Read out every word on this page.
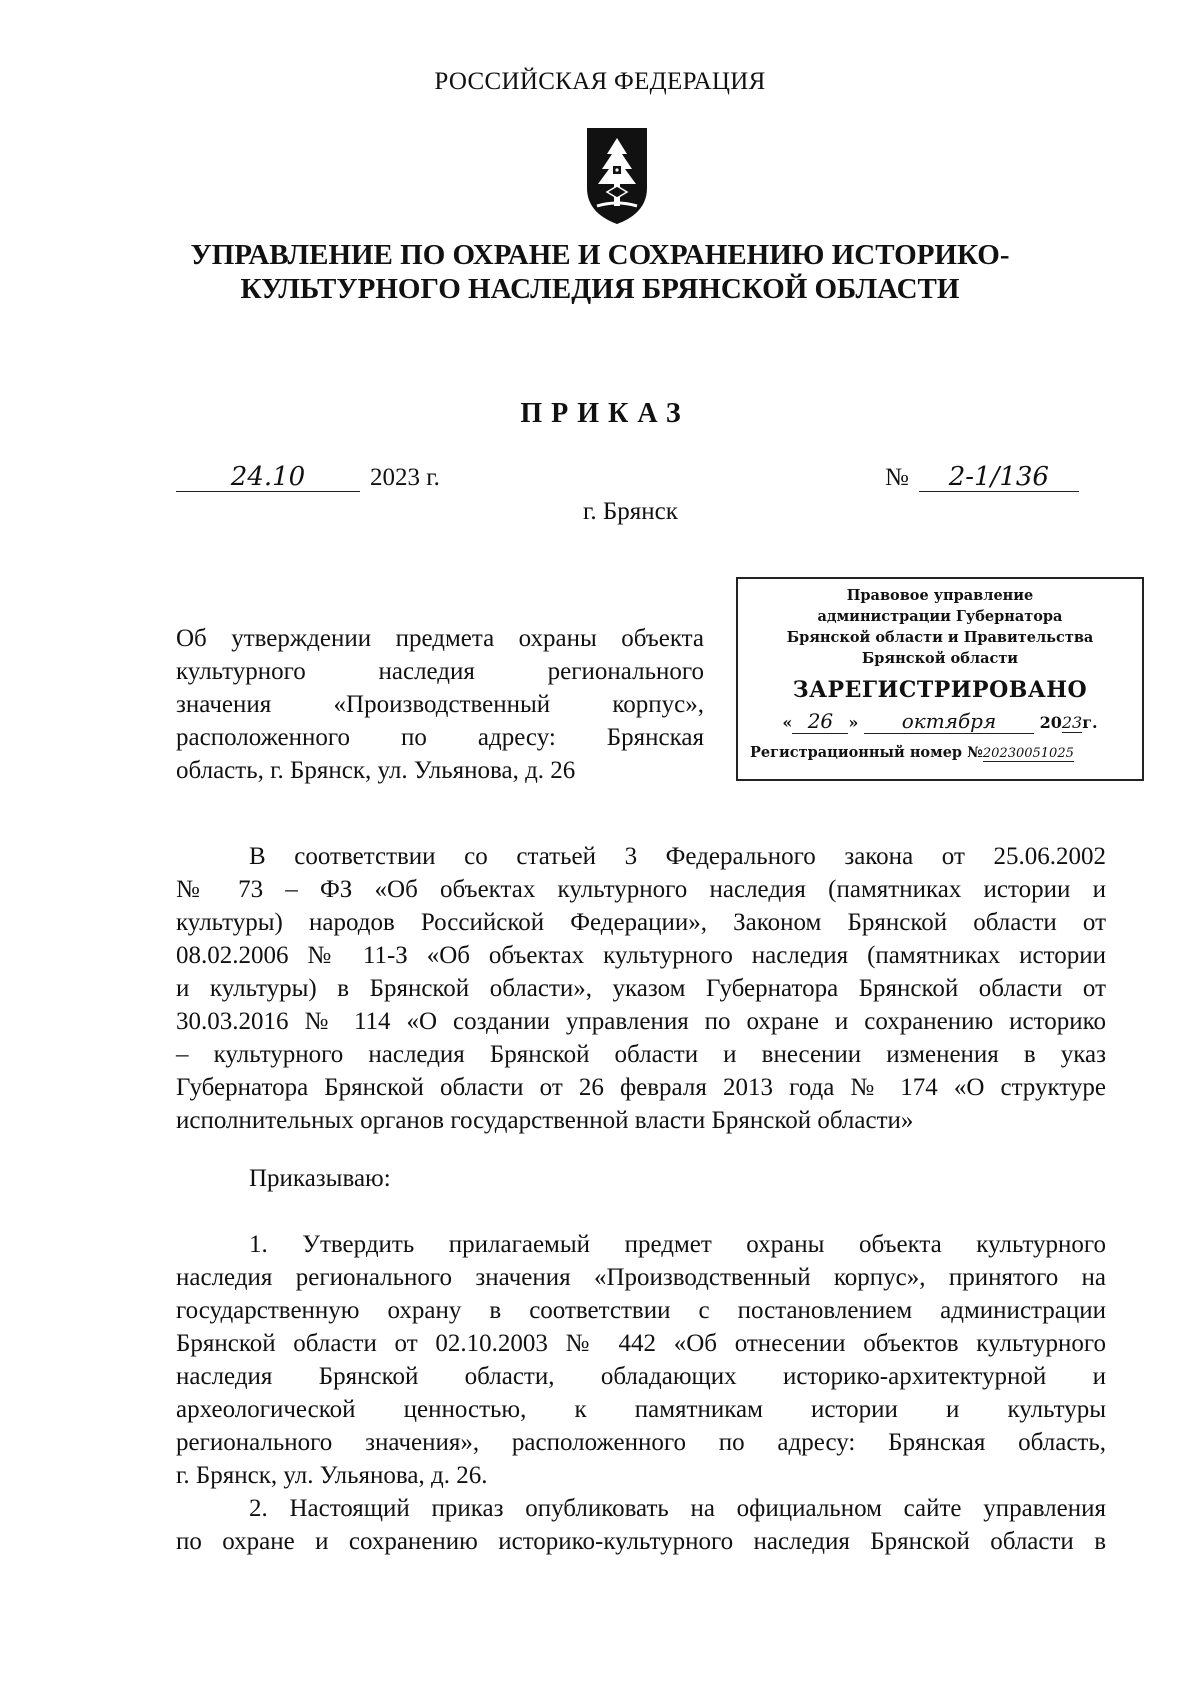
РОССИЙСКАЯ ФЕДЕРАЦИЯ
УПРАВЛЕНИЕ ПО ОХРАНЕ И СОХРАНЕНИЮ ИСТОРИКО-
КУЛЬТУРНОГО НАСЛЕДИЯ БРЯНСКОЙ ОБЛАСТИ
ПРИКАЗ
24.10	2023 г.	№ 2-1/136
г. Брянск
Об утверждении предмета охраны объекта
культурного наследия регионального
значения «Производственный корпус»,
расположенного по адресу: Брянская
область, г. Брянск, ул. Ульянова, д. 26
Правовое управление
администрации Губернатора
Брянской области и Правительства
Брянской области
ЗАРЕГИСТРИРОВАНО
« 26 » октября	2023г.
Регистрационный номер №20230051025
В соответствии со статьей 3 Федерального закона от 25.06.2002
№ 73 – ФЗ «Об объектах культурного наследия (памятниках истории и
культуры) народов Российской Федерации», Законом Брянской области от
08.02.2006 № 11-З «Об объектах культурного наследия (памятниках истории
и культуры) в Брянской области», указом Губернатора Брянской области от
30.03.2016 № 114 «О создании управления по охране и сохранению историко
– культурного наследия Брянской области и внесении изменения в указ
Губернатора Брянской области от 26 февраля 2013 года № 174 «О структуре
исполнительных органов государственной власти Брянской области»
Приказываю:
1. Утвердить прилагаемый предмет охраны объекта культурного
наследия регионального значения «Производственный корпус», принятого на
государственную охрану в соответствии с постановлением администрации
Брянской области от 02.10.2003 № 442 «Об отнесении объектов культурного
наследия Брянской области, обладающих историко-архитектурной и
археологической ценностью, к памятникам истории и культуры
регионального значения», расположенного по адресу: Брянская область,
г. Брянск, ул. Ульянова, д. 26.
2. Настоящий приказ опубликовать на официальном сайте управления
по охране и сохранению историко-культурного наследия Брянской области в
